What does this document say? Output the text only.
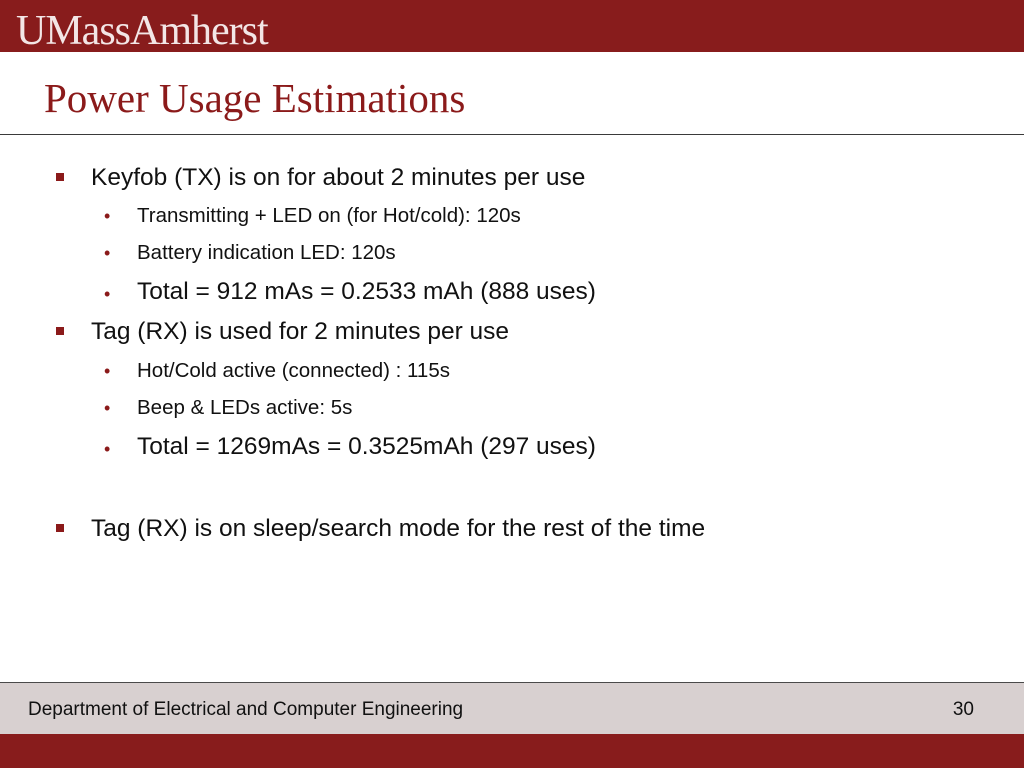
UMassAmherst
Power Usage Estimations
Keyfob (TX) is on for about 2 minutes per use
• Transmitting + LED on (for Hot/cold): 120s
• Battery indication LED: 120s
• Total = 912 mAs = 0.2533 mAh (888 uses)
Tag (RX) is used for 2 minutes per use
• Hot/Cold active (connected) : 115s
• Beep & LEDs active: 5s
• Total = 1269mAs = 0.3525mAh (297 uses)
Tag (RX) is on sleep/search mode for the rest of the time
Department of Electrical and Computer Engineering	30
